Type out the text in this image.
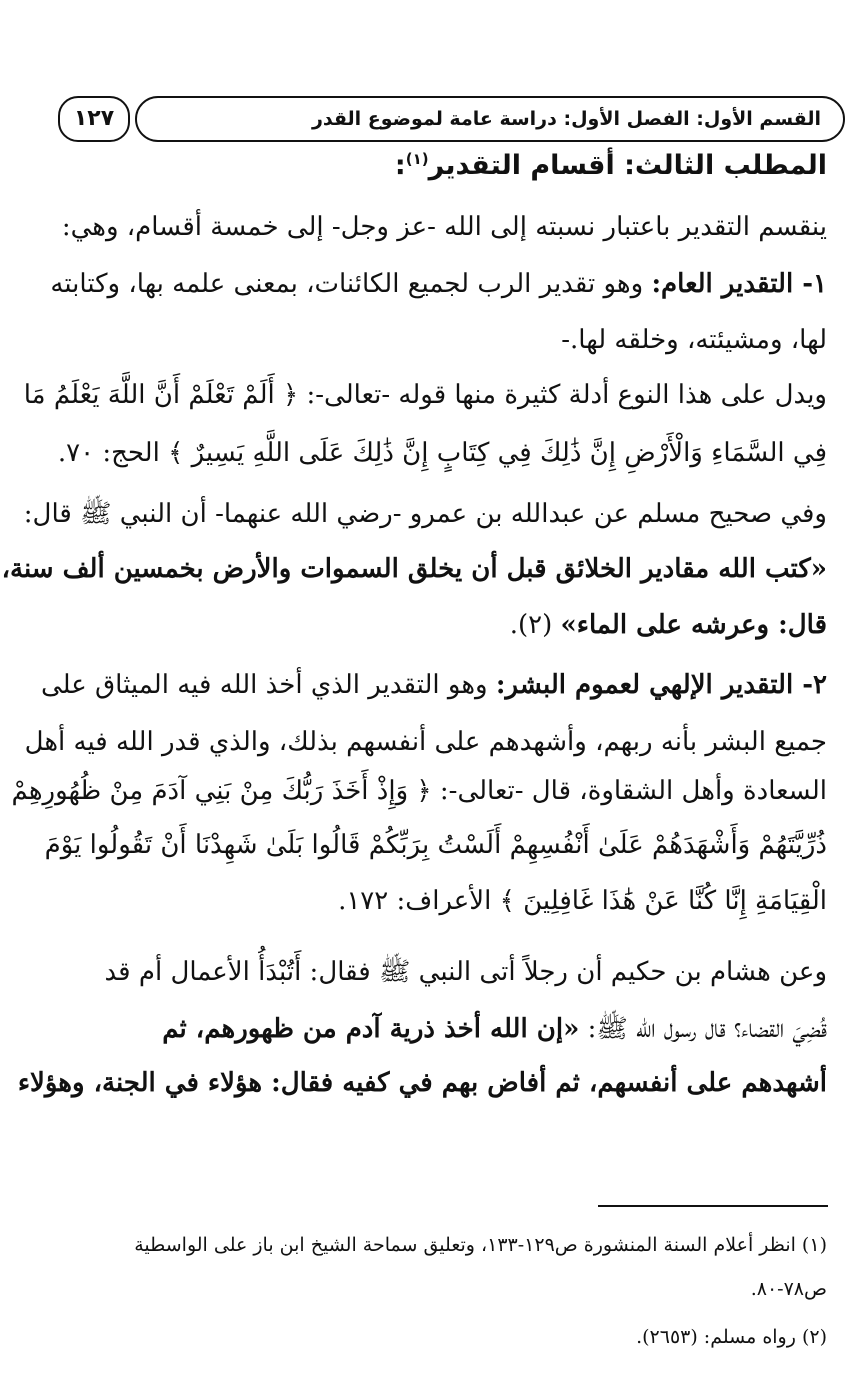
القسم الأول: الفصل الأول: دراسة عامة لموضوع القدر
١٢٧
المطلب الثالث: أقسام التقدير$^{(١)}$:
ينقسم التقدير باعتبار نسبته إلى الله -عز وجل- إلى خمسة أقسام، وهي:
١- التقدير العام: وهو تقدير الرب لجميع الكائنات، بمعنى علمه بها، وكتابته
لها، ومشيئته، وخلقه لها.-
ويدل على هذا النوع أدلة كثيرة منها قوله -تعالى-: ﴿ أَلَمْ تَعْلَمْ أَنَّ اللَّهَ يَعْلَمُ مَا
فِي السَّمَاءِ وَالْأَرْضِ إِنَّ ذَٰلِكَ فِي كِتَابٍ إِنَّ ذَٰلِكَ عَلَى اللَّهِ يَسِيرٌ ﴾ الحج: ٧٠.
وفي صحيح مسلم عن عبدالله بن عمرو -رضي الله عنهما- أن النبي ﷺ قال:
«كتب الله مقادير الخلائق قبل أن يخلق السموات والأرض بخمسين ألف سنة،
قال: وعرشه على الماء» (٢).
٢- التقدير الإلهي لعموم البشر: وهو التقدير الذي أخذ الله فيه الميثاق على
جميع البشر بأنه ربهم، وأشهدهم على أنفسهم بذلك، والذي قدر الله فيه أهل
السعادة وأهل الشقاوة، قال -تعالى-: ﴿ وَإِذْ أَخَذَ رَبُّكَ مِنْ بَنِي آدَمَ مِنْ ظُهُورِهِمْ
ذُرِّيَّتَهُمْ وَأَشْهَدَهُمْ عَلَىٰ أَنْفُسِهِمْ أَلَسْتُ بِرَبِّكُمْ قَالُوا بَلَىٰ شَهِدْنَا أَنْ تَقُولُوا يَوْمَ
الْقِيَامَةِ إِنَّا كُنَّا عَنْ هَٰذَا غَافِلِينَ ﴾ الأعراف: ١٧٢.
وعن هشام بن حكيم أن رجلاً أتى النبي ﷺ فقال: أَتُبْدَأُ الأعمال أم قد
قُضِيَ القضاء؟ قال رسول الله ﷺ: «إن الله أخذ ذرية آدم من ظهورهم، ثم
أشهدهم على أنفسهم، ثم أفاض بهم في كفيه فقال: هؤلاء في الجنة، وهؤلاء
(١) انظر أعلام السنة المنشورة ص١٢٩-١٣٣، وتعليق سماحة الشيخ ابن باز على الواسطية
ص٧٨-٨٠.
(٢) رواه مسلم: (٢٦٥٣).
